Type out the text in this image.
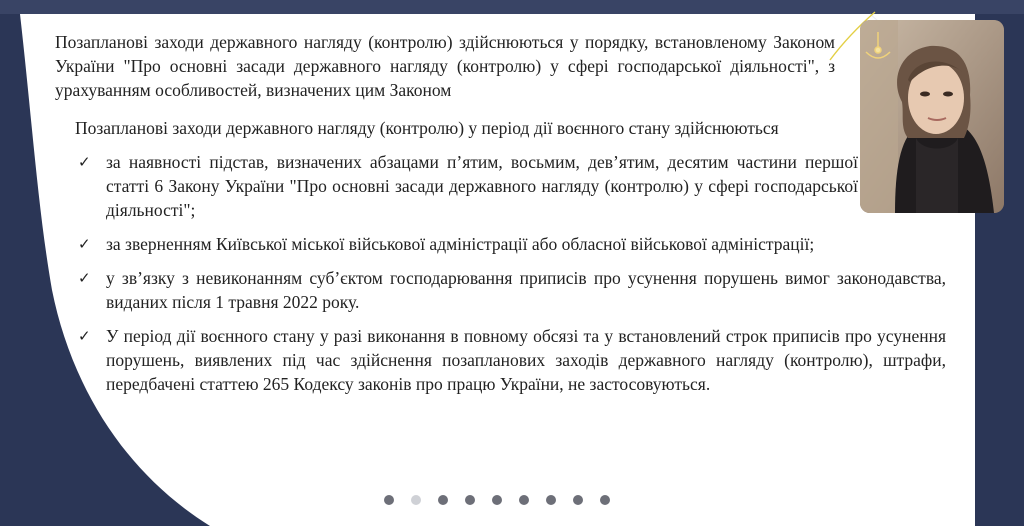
Позапланові заходи державного нагляду (контролю) здійснюються у порядку, встановленому Законом України "Про основні засади державного нагляду (контролю) у сфері господарської діяльності", з урахуванням особливостей, визначених цим Законом
Позапланові заходи державного нагляду (контролю) у період дії воєнного стану здійснюються
✓ за наявності підстав, визначених абзацами п’ятим, восьмим, дев’ятим, десятим частини першої статті 6 Закону України "Про основні засади державного нагляду (контролю) у сфері господарської діяльності";
✓ за зверненням Київської міської військової адміністрації або обласної військової адміністрації;
✓ у зв’язку з невиконанням суб’єктом господарювання приписів про усунення порушень вимог законодавства, виданих після 1 травня 2022 року.
✓ У період дії воєнного стану у разі виконання в повному обсязі та у встановлений строк приписів про усунення порушень, виявлених під час здійснення позапланових заходів державного нагляду (контролю), штрафи, передбачені статтею 265 Кодексу законів про працю України, не застосовуються.
